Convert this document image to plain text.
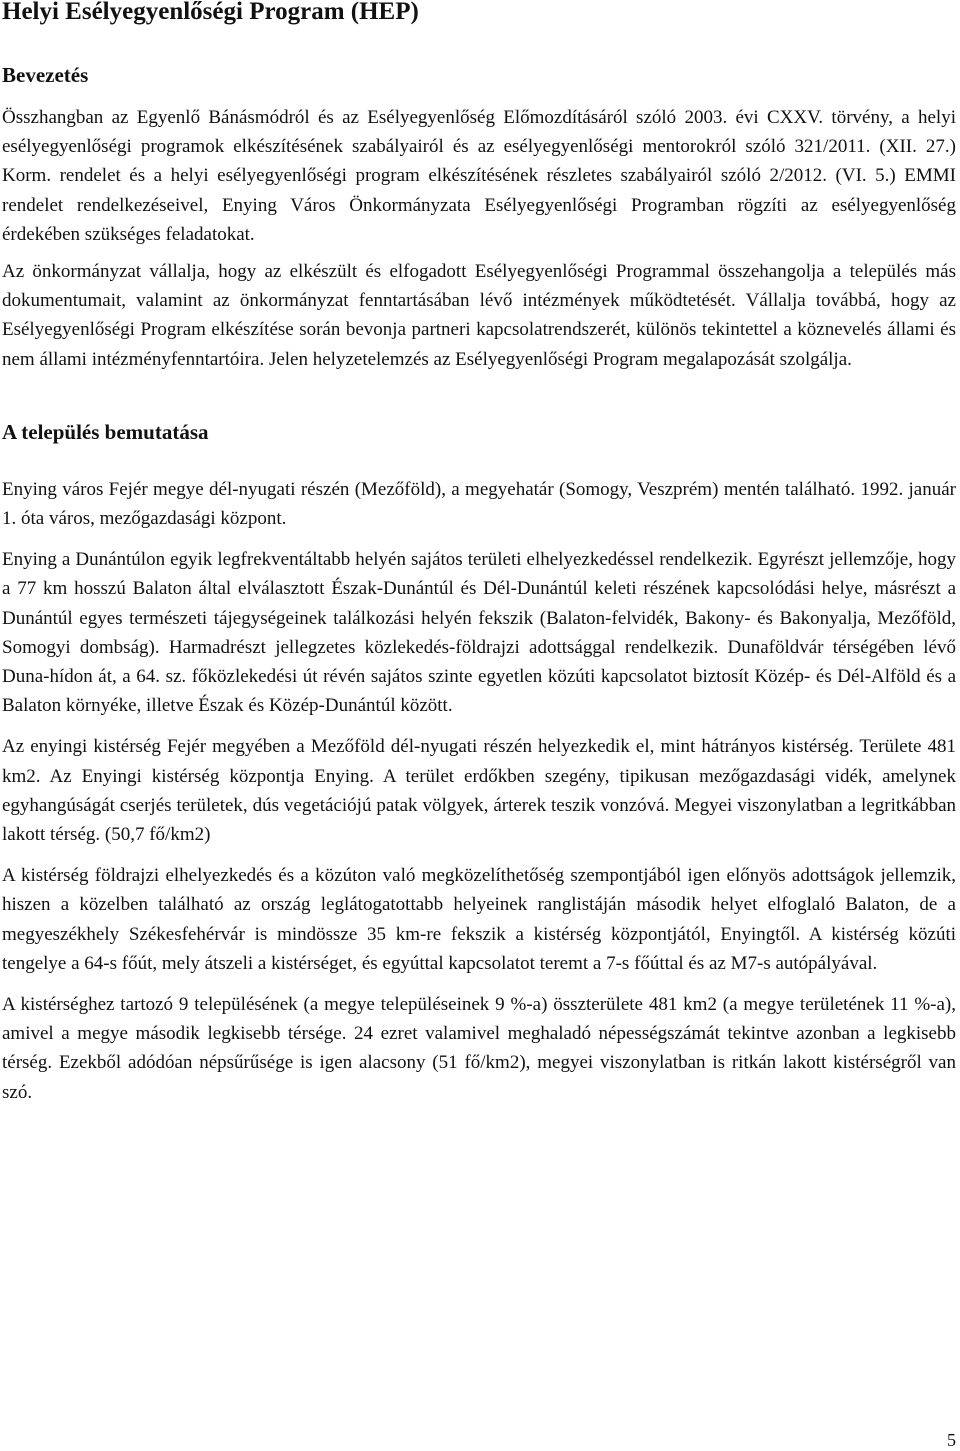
Helyi Esélyegyenlőségi Program (HEP)
Bevezetés

Összhangban az Egyenlő Bánásmódról és az Esélyegyenlőség Előmozdításáról szóló 2003. évi CXXV. törvény, a helyi esélyegyenlőségi programok elkészítésének szabályairól és az esélyegyenlőségi mentorokról szóló 321/2011. (XII. 27.) Korm. rendelet és a helyi esélyegyenlőségi program elkészítésének részletes szabályairól szóló 2/2012. (VI. 5.) EMMI rendelet rendelkezéseivel, Enying Város Önkormányzata Esélyegyenlőségi Programban rögzíti az esélyegyenlőség érdekében szükséges feladatokat.

Az önkormányzat vállalja, hogy az elkészült és elfogadott Esélyegyenlőségi Programmal összehangolja a település más dokumentumait, valamint az önkormányzat fenntartásában lévő intézmények működtetését. Vállalja továbbá, hogy az Esélyegyenlőségi Program elkészítése során bevonja partneri kapcsolatrendszerét, különös tekintettel a köznevelés állami és nem állami intézményfenntartóira. Jelen helyzetelemzés az Esélyegyenlőségi Program megalapozását szolgálja.

A település bemutatása

Enying város Fejér megye dél-nyugati részén (Mezőföld), a megyehatár (Somogy, Veszprém) mentén található. 1992. január 1. óta város, mezőgazdasági központ.

Enying a Dunántúlon egyik legfrekventáltabb helyén sajátos területi elhelyezkedéssel rendelkezik. Egyrészt jellemzője, hogy a 77 km hosszú Balaton által elválasztott Észak-Dunántúl és Dél-Dunántúl keleti részének kapcsolódási helye, másrészt a Dunántúl egyes természeti tájegységeinek találkozási helyén fekszik (Balaton-felvidék, Bakony- és Bakonyalja, Mezőföld, Somogyi dombság). Harmadrészt jellegzetes közlekedés-földrajzi adottsággal rendelkezik. Dunaföldvár térségében lévő Duna-hídon át, a 64. sz. főközlekedési út révén sajátos szinte egyetlen közúti kapcsolatot biztosít Közép- és Dél-Alföld és a Balaton környéke, illetve Észak és Közép-Dunántúl között.

Az enyingi kistérség Fejér megyében a Mezőföld dél-nyugati részén helyezkedik el, mint hátrányos kistérség. Területe 481 km2. Az Enyingi kistérség központja Enying. A terület erdőkben szegény, tipikusan mezőgazdasági vidék, amelynek egyhangúságát cserjés területek, dús vegetációjú patak völgyek, árterek teszik vonzóvá. Megyei viszonylatban a legritkábban lakott térség. (50,7 fő/km2)

A kistérség földrajzi elhelyezkedés és a közúton való megközelíthetőség szempontjából igen előnyös adottságok jellemzik, hiszen a közelben található az ország leglátogatottabb helyeinek ranglistáján második helyet elfoglaló Balaton, de a megyeszékhely Székesfehérvár is mindössze 35 km-re fekszik a kistérség központjától, Enyingtől. A kistérség közúti tengelye a 64-s főút, mely átszeli a kistérséget, és egyúttal kapcsolatot teremt a 7-s főúttal és az M7-s autópályával.

A kistérséghez tartozó 9 településének (a megye településeinek 9 %-a) összterülete 481 km2 (a megye területének 11 %-a), amivel a megye második legkisebb térsége. 24 ezret valamivel meghaladó népességszámát tekintve azonban a legkisebb térség. Ezekből adódóan népsűrűsége is igen alacsony (51 fő/km2), megyei viszonylatban is ritkán lakott kistérségről van szó.

5
